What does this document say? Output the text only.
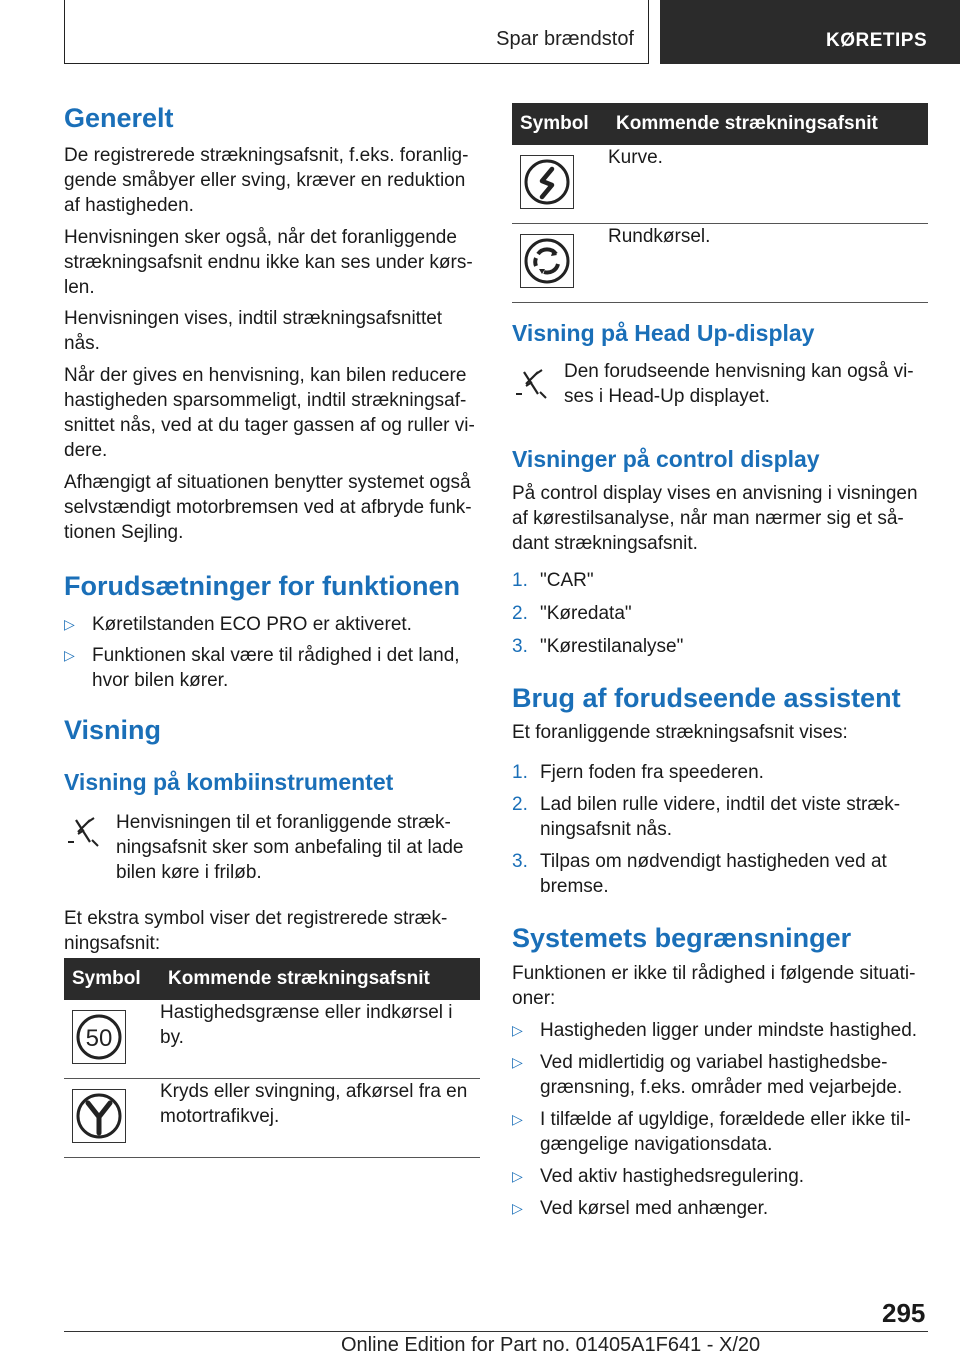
Spar brændstof	KØRETIPS
Generelt

De registrerede strækningsafsnit, f.eks. foranlig-gende småbyer eller sving, kræver en reduktion af hastigheden.

Henvisningen sker også, når det foranliggende strækningsafsnit endnu ikke kan ses under kørs-len.

Henvisningen vises, indtil strækningsafsnittet nås.

Når der gives en henvisning, kan bilen reducere hastigheden sparsommeligt, indtil strækningsaf-snittet nås, ved at du tager gassen af og ruller vi-dere.

Afhængigt af situationen benytter systemet også selvstændigt motorbremsen ved at afbryde funk-tionen Sejling.

Forudsætninger for funktionen
▷ Køretilstanden ECO PRO er aktiveret.
▷ Funktionen skal være til rådighed i det land, hvor bilen kører.
Visning
Visning på kombiinstrumentet

Henvisningen til et foranliggende stræk-ningsafsnit sker som anbefaling til at lade bilen køre i friløb.

Et ekstra symbol viser det registrerede stræk-ningsafsnit:

Symbol	Kommende strækningsafsnit

50	Hastighedsgrænse eller indkørsel i by.

	Kryds eller svingning, afkørsel fra en motortrafikvej.
Symbol	Kommende strækningsafsnit

	Kurve.

	Rundkørsel.
Visning på Head Up-display

Den forudseende henvisning kan også vi-ses i Head-Up displayet.

Visninger på control display

På control display vises en anvisning i visningen af kørestilsanalyse, når man nærmer sig et så-dant strækningsafsnit.

1. "CAR"
2. "Køredata"
3. "Kørestilanalyse"
Brug af forudseende assistent

Et foranliggende strækningsafsnit vises:

1. Fjern foden fra speederen.
2. Lad bilen rulle videre, indtil det viste stræk-ningsafsnit nås.
3. Tilpas om nødvendigt hastigheden ved at bremse.
Systemets begrænsninger

Funktionen er ikke til rådighed i følgende situati-oner:

▷ Hastigheden ligger under mindste hastighed.
▷ Ved midlertidig og variabel hastighedsbe-grænsning, f.eks. områder med vejarbejde.
▷ I tilfælde af ugyldige, forældede eller ikke til-gængelige navigationsdata.
▷ Ved aktiv hastighedsregulering.
▷ Ved kørsel med anhænger.
295
Online Edition for Part no. 01405A1F641 - X/20
